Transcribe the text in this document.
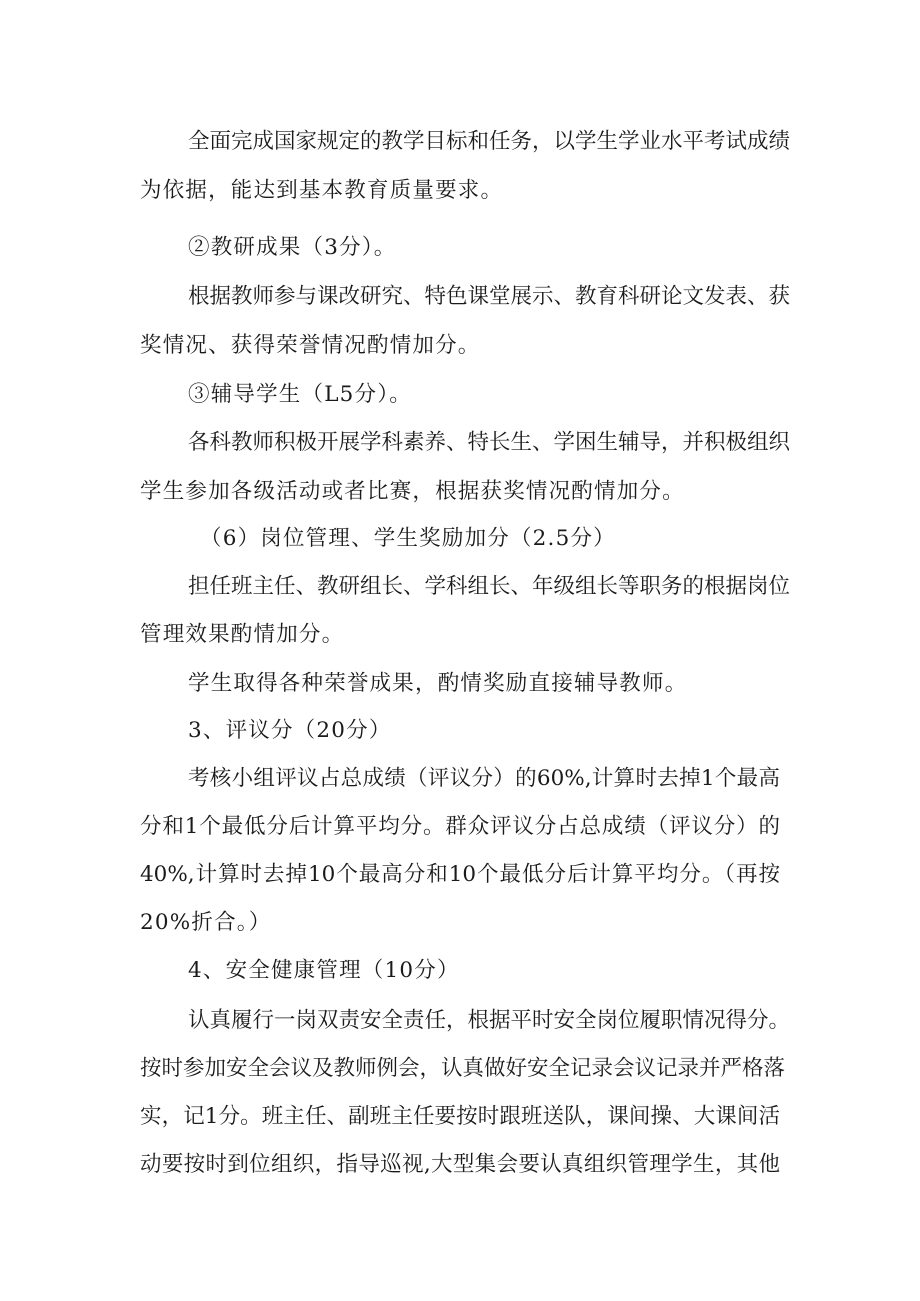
全面完成国家规定的教学目标和任务，以学生学业水平考试成绩
为依据，能达到基本教育质量要求。
②教研成果（3分）。
根据教师参与课改研究、特色课堂展示、教育科研论文发表、获
奖情况、获得荣誉情况酌情加分。
③辅导学生（L5分）。
各科教师积极开展学科素养、特长生、学困生辅导，并积极组织
学生参加各级活动或者比赛，根据获奖情况酌情加分。
（6）岗位管理、学生奖励加分（2.5分）
担任班主任、教研组长、学科组长、年级组长等职务的根据岗位
管理效果酌情加分。
学生取得各种荣誉成果，酌情奖励直接辅导教师。
3、评议分（20分）
考核小组评议占总成绩（评议分）的60%,计算时去掉1个最高
分和1个最低分后计算平均分。群众评议分占总成绩（评议分）的
40%,计算时去掉10个最高分和10个最低分后计算平均分。（再按
20%折合。）
4、安全健康管理（10分）
认真履行一岗双责安全责任，根据平时安全岗位履职情况得分。
按时参加安全会议及教师例会，认真做好安全记录会议记录并严格落
实，记1分。班主任、副班主任要按时跟班送队，课间操、大课间活
动要按时到位组织，指导巡视,大型集会要认真组织管理学生，其他
